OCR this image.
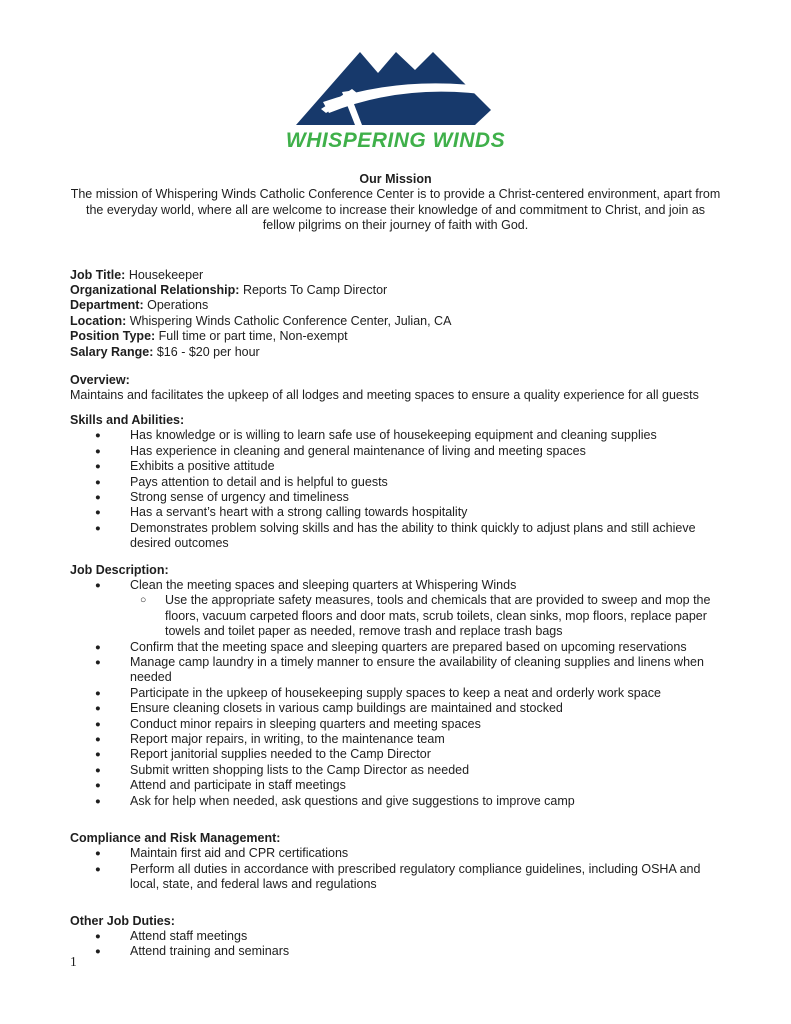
WHISPERING WINDS
Our Mission
The mission of Whispering Winds Catholic Conference Center is to provide a Christ-centered environment, apart from the everyday world, where all are welcome to increase their knowledge of and commitment to Christ, and join as fellow pilgrims on their journey of faith with God.
Job Title: Housekeeper
Organizational Relationship: Reports To Camp Director
Department: Operations
Location: Whispering Winds Catholic Conference Center, Julian, CA
Position Type: Full time or part time, Non-exempt
Salary Range: $16 - $20 per hour
Overview:
Maintains and facilitates the upkeep of all lodges and meeting spaces to ensure a quality experience for all guests
Skills and Abilities:
●	Has knowledge or is willing to learn safe use of housekeeping equipment and cleaning supplies
●	Has experience in cleaning and general maintenance of living and meeting spaces
●	Exhibits a positive attitude
●	Pays attention to detail and is helpful to guests
●	Strong sense of urgency and timeliness
●	Has a servant’s heart with a strong calling towards hospitality
●	Demonstrates problem solving skills and has the ability to think quickly to adjust plans and still achieve desired outcomes
Job Description:
●	Clean the meeting spaces and sleeping quarters at Whispering Winds
○	Use the appropriate safety measures, tools and chemicals that are provided to sweep and mop the floors, vacuum carpeted floors and door mats, scrub toilets, clean sinks, mop floors, replace paper towels and toilet paper as needed, remove trash and replace trash bags
●	Confirm that the meeting space and sleeping quarters are prepared based on upcoming reservations
●	Manage camp laundry in a timely manner to ensure the availability of cleaning supplies and linens when needed
●	Participate in the upkeep of housekeeping supply spaces to keep a neat and orderly work space
●	Ensure cleaning closets in various camp buildings are maintained and stocked
●	Conduct minor repairs in sleeping quarters and meeting spaces
●	Report major repairs, in writing, to the maintenance team
●	Report janitorial supplies needed to the Camp Director
●	Submit written shopping lists to the Camp Director as needed
●	Attend and participate in staff meetings
●	Ask for help when needed, ask questions and give suggestions to improve camp
Compliance and Risk Management:
●	Maintain first aid and CPR certifications
●	Perform all duties in accordance with prescribed regulatory compliance guidelines, including OSHA and local, state, and federal laws and regulations
Other Job Duties:
●	Attend staff meetings
●	Attend training and seminars
1
